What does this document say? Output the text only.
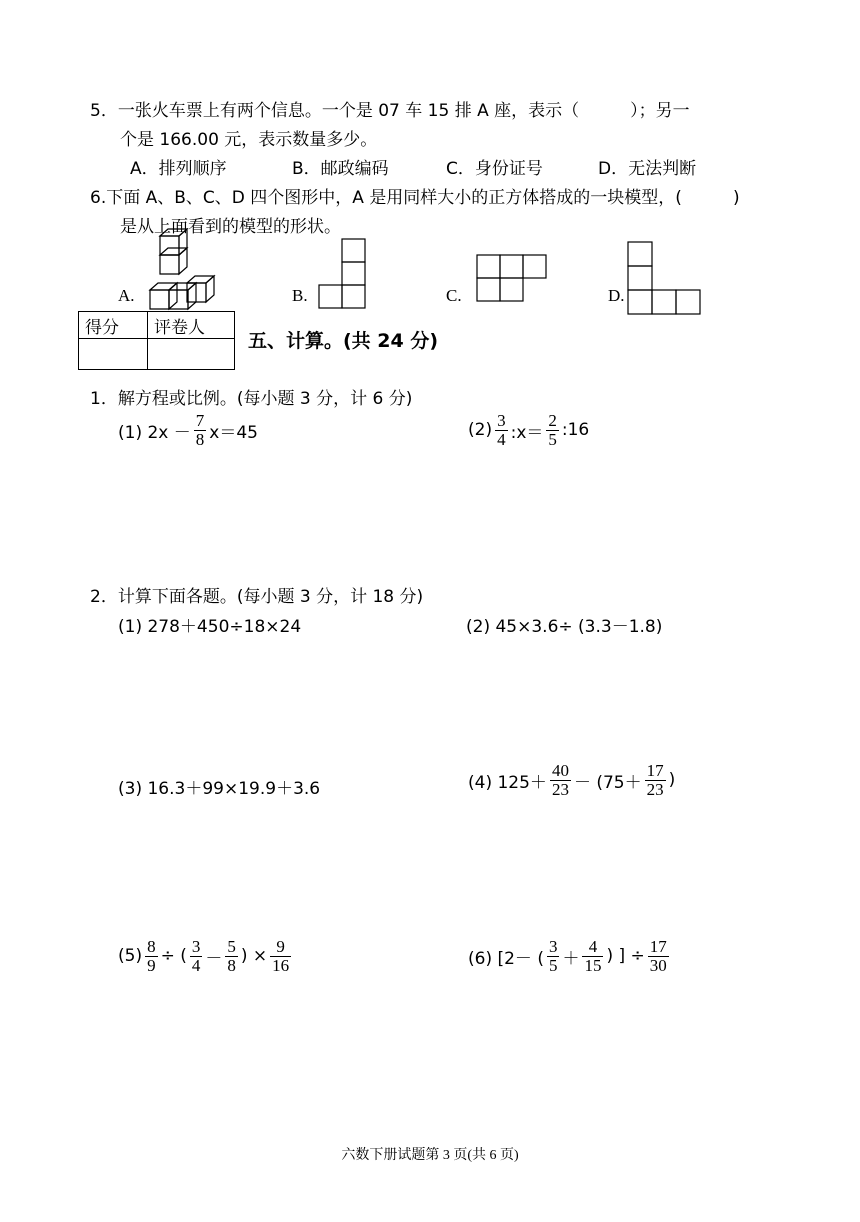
5．一张火车票上有两个信息。一个是 07 车 15 排 A 座，表示（　　　）；另一
个是 166.00 元，表示数量多少。
A．排列顺序	B．邮政编码	C．身份证号	D．无法判断
6.下面 A、B、C、D 四个图形中，A 是用同样大小的正方体搭成的一块模型，(　　　)
是从上面看到的模型的形状。
A.	B.	C.	D.
得分	评卷人

五、计算。(共 24 分)
1．解方程或比例。(每小题 3 分，计 6 分)
(1) $2x - \frac{7}{8} x=45$	$(2) \frac{3}{4}$ :x＝ $\frac{2}{5}$ :16
2．计算下面各题。(每小题 3 分，计 18 分)
(1) 278＋450÷18×24	(2) 45×3.6÷ (3.3－1.8)
(3) 16.3＋99×19.9＋3.6	(4) $125+ \frac{40}{23} - (75+ \frac{17}{23}$ )
$(5) \frac{8}{9}$ ÷ ( $\frac{3}{4} - \frac{5}{8}$ ) × $\frac{9}{16}$	(6) [2－ ( $\frac{3}{5} + \frac{4}{15}$ ) ] ÷ $\frac{17}{30}$
六数下册试题第 3 页(共 6 页)
